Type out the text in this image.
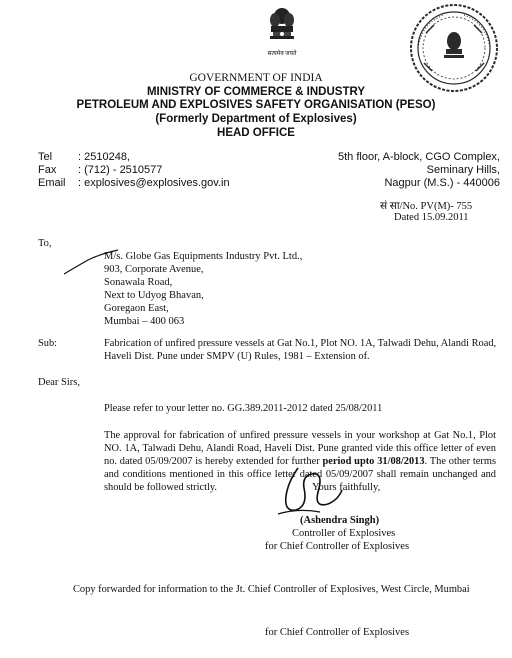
सत्यमेव जयते
GOVERNMENT OF INDIA
MINISTRY OF COMMERCE & INDUSTRY
PETROLEUM AND EXPLOSIVES SAFETY ORGANISATION (PESO)
(Formerly Department of Explosives)
HEAD OFFICE
Tel : 2510248,
Fax : (712) - 2510577
Email : explosives@explosives.gov.in
5th floor, A-block, CGO Complex,
Seminary Hills,
Nagpur (M.S.) - 440006
सं सा/No. PV(M)- 755
Dated 15.09.2011
To,
M/s. Globe Gas Equipments Industry Pvt. Ltd.,
903, Corporate Avenue,
Sonawala Road,
Next to Udyog Bhavan,
Goregaon East,
Mumbai – 400 063
Sub:	Fabrication of unfired pressure vessels at Gat No.1, Plot NO. 1A, Talwadi Dehu, Alandi Road,
Haveli Dist. Pune under SMPV (U) Rules, 1981 – Extension of.
Dear Sirs,
Please refer to your letter no. GG.389.2011-2012 dated 25/08/2011
The approval for fabrication of unfired pressure vessels in your workshop at Gat No.1, Plot NO. 1A, Talwadi Dehu, Alandi Road, Haveli Dist. Pune granted vide this office letter of even no. dated 05/09/2007 is hereby extended for further period upto 31/08/2013. The other terms and conditions mentioned in this office letter dated 05/09/2007 shall remain unchanged and should be followed strictly.	Yours faithfully,
(Ashendra Singh)
Controller of Explosives
for Chief Controller of Explosives
Copy forwarded for information to the Jt. Chief Controller of Explosives, West Circle, Mumbai
for Chief Controller of Explosives
